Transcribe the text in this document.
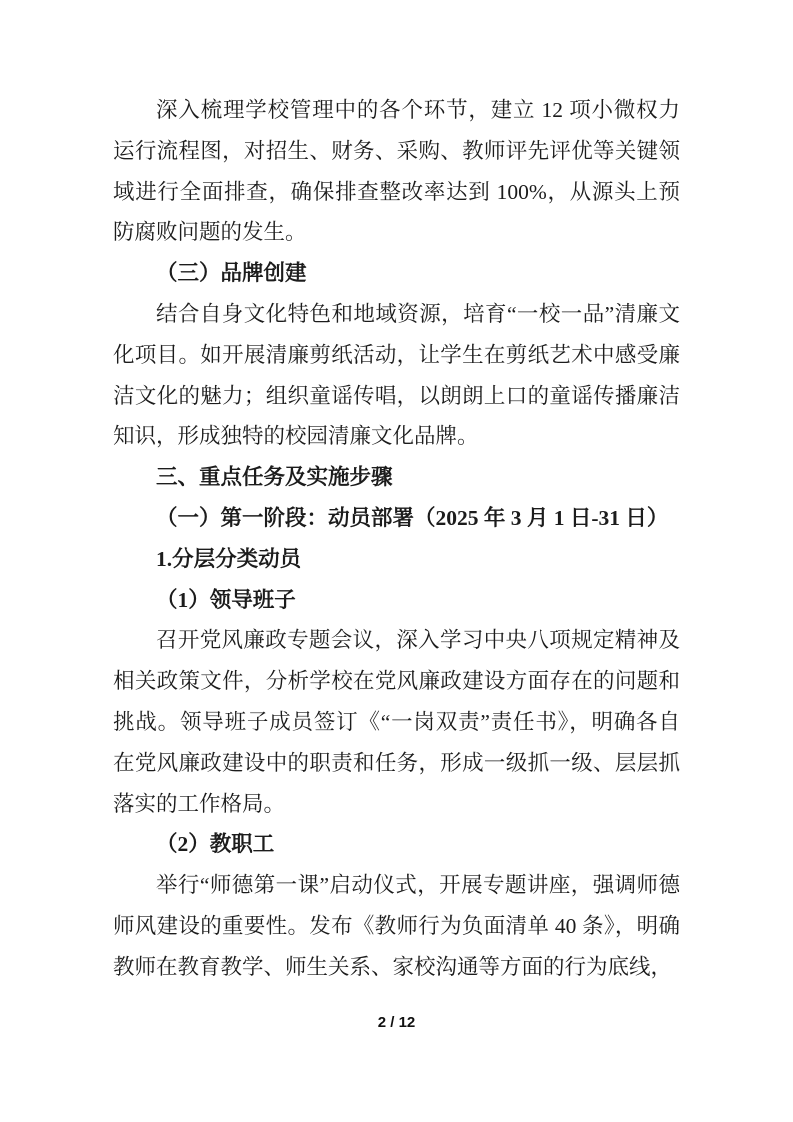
深入梳理学校管理中的各个环节，建立 12 项小微权力运行流程图，对招生、财务、采购、教师评先评优等关键领域进行全面排查，确保排查整改率达到 100%，从源头上预防腐败问题的发生。

（三）品牌创建

结合自身文化特色和地域资源，培育“一校一品”清廉文化项目。如开展清廉剪纸活动，让学生在剪纸艺术中感受廉洁文化的魅力；组织童谣传唱，以朗朗上口的童谣传播廉洁知识，形成独特的校园清廉文化品牌。

三、重点任务及实施步骤

（一）第一阶段：动员部署（2025 年 3 月 1 日-31 日）

1.分层分类动员

（1）领导班子

召开党风廉政专题会议，深入学习中央八项规定精神及相关政策文件，分析学校在党风廉政建设方面存在的问题和挑战。领导班子成员签订《“一岗双责”责任书》，明确各自在党风廉政建设中的职责和任务，形成一级抓一级、层层抓落实的工作格局。

（2）教职工

举行“师德第一课”启动仪式，开展专题讲座，强调师德师风建设的重要性。发布《教师行为负面清单 40 条》，明确教师在教育教学、师生关系、家校沟通等方面的行为底线，

2 / 12
